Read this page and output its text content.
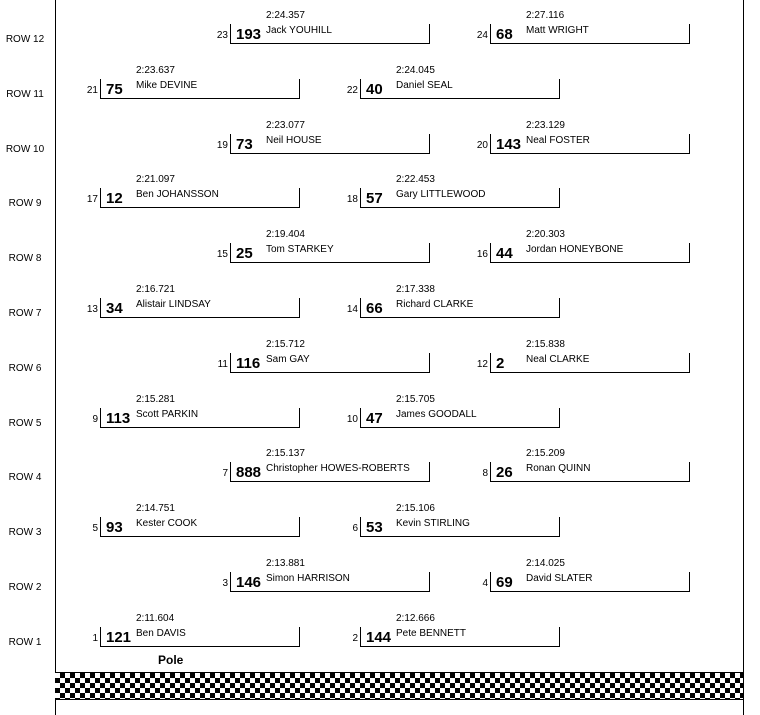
ROW 12
2:24.357
193 Jack YOUHILL
23
2:27.116
68 Matt WRIGHT
24
ROW 11
2:23.637
75 Mike DEVINE
21
2:24.045
40 Daniel SEAL
22
ROW 10
2:23.077
73 Neil HOUSE
19
2:23.129
143 Neal FOSTER
20
ROW 9
2:21.097
12 Ben JOHANSSON
17
2:22.453
57 Gary LITTLEWOOD
18
ROW 8
2:19.404
25 Tom STARKEY
15
2:20.303
44 Jordan HONEYBONE
16
ROW 7
2:16.721
34 Alistair LINDSAY
13
2:17.338
66 Richard CLARKE
14
ROW 6
2:15.712
116 Sam GAY
11
2:15.838
2 Neal CLARKE
12
ROW 5
2:15.281
113 Scott PARKIN
9
2:15.705
47 James GOODALL
10
ROW 4
2:15.137
888 Christopher HOWES-ROBERTS
7
2:15.209
26 Ronan QUINN
8
ROW 3
2:14.751
93 Kester COOK
5
2:15.106
53 Kevin STIRLING
6
ROW 2
2:13.881
146 Simon HARRISON
3
2:14.025
69 David SLATER
4
ROW 1
2:11.604
121 Ben DAVIS
1
2:12.666
144 Pete BENNETT
2
Pole
